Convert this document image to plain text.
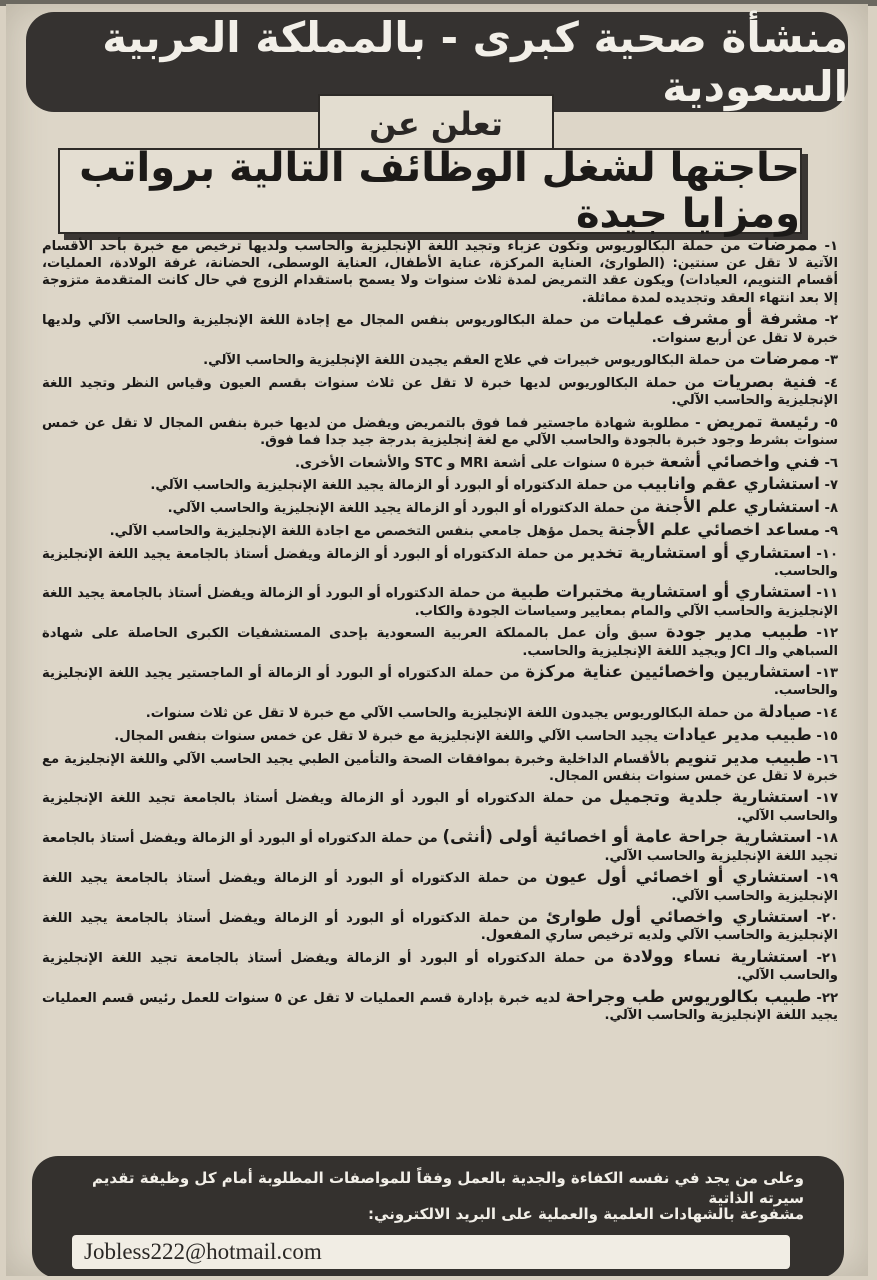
منشأة صحية كبرى - بالمملكة العربية السعودية
تعلن عن
حاجتها لشغل الوظائف التالية برواتب ومزايا جيدة
١- ممرضات من حملة البكالوريوس وتكون عزباء وتجيد اللغة الإنجليزية والحاسب ولديها ترخيص مع خبرة بأحد الأقسام الآتية لا تقل عن سنتين: (الطوارئ، العناية المركزة، عناية الأطفال، العناية الوسطى، الحضانة، غرفة الولادة، العمليات، أقسام التنويم، العيادات) ويكون عقد التمريض لمدة ثلاث سنوات ولا يسمح باستقدام الزوج في حال كانت المتقدمة متزوجة إلا بعد انتهاء العقد وتجديده لمدة مماثلة.
٢- مشرفة أو مشرف عمليات من حملة البكالوريوس بنفس المجال مع إجادة اللغة الإنجليزية والحاسب الآلي ولديها خبرة لا تقل عن أربع سنوات.
٣- ممرضات من حملة البكالوريوس خبيرات في علاج العقم يجيدن اللغة الإنجليزية والحاسب الآلي.
٤- فنية بصريات من حملة البكالوريوس لديها خبرة لا تقل عن ثلاث سنوات بقسم العيون وقياس النظر وتجيد اللغة الإنجليزية والحاسب الآلي.
٥- رئيسة تمريض - مطلوبة شهادة ماجستير فما فوق بالتمريض ويفضل من لديها خبرة بنفس المجال لا تقل عن خمس سنوات بشرط وجود خبرة بالجودة والحاسب الآلي مع لغة إنجليزية بدرجة جيد جدا فما فوق.
٦- فني واخصائي أشعة خبرة ٥ سنوات على أشعة MRI و STC والأشعات الأخرى.
٧- استشاري عقم وانابيب من حملة الدكتوراه أو البورد أو الزمالة يجيد اللغة الإنجليزية والحاسب الآلي.
٨- استشاري علم الأجنة من حملة الدكتوراه أو البورد أو الزمالة يجيد اللغة الإنجليزية والحاسب الآلي.
٩- مساعد اخصائي علم الأجنة يحمل مؤهل جامعي بنفس التخصص مع اجادة اللغة الإنجليزية والحاسب الآلي.
١٠- استشاري أو استشارية تخدير من حملة الدكتوراه أو البورد أو الزمالة ويفضل أستاذ بالجامعة يجيد اللغة الإنجليزية والحاسب.
١١- استشاري أو استشارية مختبرات طبية من حملة الدكتوراه أو البورد أو الزمالة ويفضل أستاذ بالجامعة يجيد اللغة الإنجليزية والحاسب الآلي والمام بمعايير وسياسات الجودة والكاب.
١٢- طبيب مدير جودة سبق وأن عمل بالمملكة العربية السعودية بإحدى المستشفيات الكبرى الحاصلة على شهادة السباهي والـ JCI ويجيد اللغة الإنجليزية والحاسب.
١٣- استشاريين واخصائيين عناية مركزة من حملة الدكتوراه أو البورد أو الزمالة أو الماجستير يجيد اللغة الإنجليزية والحاسب.
١٤- صيادلة من حملة البكالوريوس يجيدون اللغة الإنجليزية والحاسب الآلي مع خبرة لا تقل عن ثلاث سنوات.
١٥- طبيب مدير عيادات يجيد الحاسب الآلي واللغة الإنجليزية مع خبرة لا تقل عن خمس سنوات بنفس المجال.
١٦- طبيب مدير تنويم بالأقسام الداخلية وخبرة بموافقات الصحة والتأمين الطبي يجيد الحاسب الآلي واللغة الإنجليزية مع خبرة لا تقل عن خمس سنوات بنفس المجال.
١٧- استشارية جلدية وتجميل من حملة الدكتوراه أو البورد أو الزمالة ويفضل أستاذ بالجامعة تجيد اللغة الإنجليزية والحاسب الآلي.
١٨- استشارية جراحة عامة أو اخصائية أولى (أنثى) من حملة الدكتوراه أو البورد أو الزمالة ويفضل أستاذ بالجامعة تجيد اللغة الإنجليزية والحاسب الآلي.
١٩- استشاري أو اخصائي أول عيون من حملة الدكتوراه أو البورد أو الزمالة ويفضل أستاذ بالجامعة يجيد اللغة الإنجليزية والحاسب الآلي.
٢٠- استشاري واخصائي أول طوارئ من حملة الدكتوراه أو البورد أو الزمالة ويفضل أستاذ بالجامعة يجيد اللغة الإنجليزية والحاسب الآلي ولديه ترخيص ساري المفعول.
٢١- استشارية نساء وولادة من حملة الدكتوراه أو البورد أو الزمالة ويفضل أستاذ بالجامعة تجيد اللغة الإنجليزية والحاسب الآلي.
٢٢- طبيب بكالوريوس طب وجراحة لديه خبرة بإدارة قسم العمليات لا تقل عن ٥ سنوات للعمل رئيس قسم العمليات يجيد اللغة الإنجليزية والحاسب الآلي.
وعلى من يجد في نفسه الكفاءة والجدية بالعمل وفقاً للمواصفات المطلوبة أمام كل وظيفة تقديم سيرته الذاتية
مشفوعة بالشهادات العلمية والعملية على البريد الالكتروني:
Jobless222@hotmail.com
